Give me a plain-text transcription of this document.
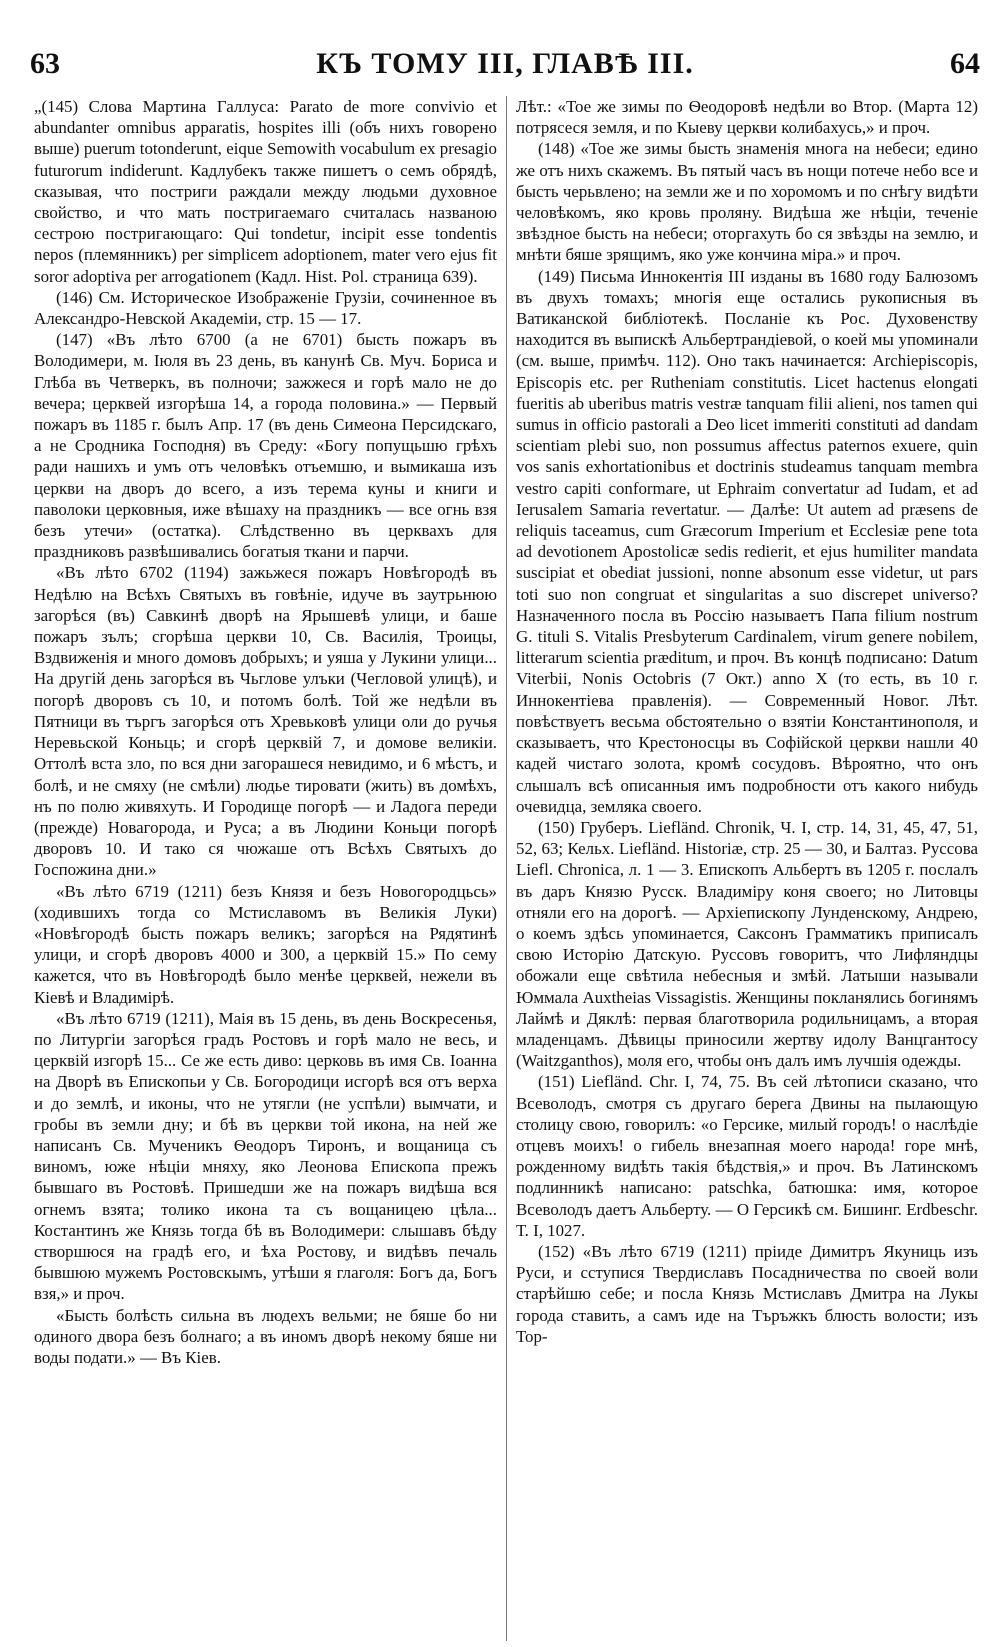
63	КЪ ТОМУ III, ГЛАВѢ III.	64

„(145) Слова Мартина Галлуса: Parato de more convivio et abundanter omnibus apparatis, hospites illi (объ нихъ говорено выше) puerum totonderunt, eique Semowith vocabulum ex presagio futurorum indiderunt. Кадлубекъ также пишетъ о семъ обрядѣ, сказывая, что постриги раждали между людьми духовное свойство, и что мать постригаемаго считалась названою сестрою постригающаго: Qui tondetur, incipit esse tondentis nepos (племянникъ) per simplicem adoptionem, mater vero ejus fit soror adoptiva per arrogationem (Кадл. Hist. Pol. страница 639).

(146) См. Историческое Изображенiе Грузiи, сочиненное въ Александро-Невской Академiи, стр. 15 — 17.

(147) «Въ лѣто 6700 (а не 6701) бысть пожаръ въ Володимери, м. Iюля въ 23 день, въ канунѣ Св. Муч. Бориса и Глѣба въ Четверкъ, въ полночи; зажжеся и горѣ мало не до вечера; церквей изгорѣша 14, а города половина.» — Первый пожаръ въ 1185 г. былъ Апр. 17 (въ день Симеона Персидскаго, а не Сродника Господня) въ Среду: «Богу попущьшю грѣхъ ради нашихъ и умъ отъ человѣкъ отъемшю, и вымикаша изъ церкви на дворъ до всего, а изъ терема куны и книги и паволоки церковныя, иже вѣшаху на праздникъ — все огнь взя безъ утечи» (остатка). Слѣдственно въ церквахъ для праздниковъ развѣшивались богатыя ткани и парчи.

«Въ лѣто 6702 (1194) зажьжеся пожаръ Новѣгородѣ въ Недѣлю на Всѣхъ Святыхъ въ говѣнiе, идуче въ заутрьнюю загорѣся (въ) Савкинѣ дворѣ на Ярышевѣ улици, и баше пожаръ зълъ; сгорѣша церкви 10, Св. Василiя, Троицы, Вздвиженiя и много домовъ добрыхъ; и уяша у Лукини улици... На другiй день загорѣся въ Чьглове улъки (Чегловой улицѣ), и погорѣ дворовъ съ 10, и потомъ болѣ. Той же недѣли въ Пятници въ търгъ загорѣся отъ Хревьковѣ улици оли до ручья Неревьской Коньць; и сгорѣ церквiй 7, и домове великiи. Оттолѣ вста зло, по вся дни загорашеся невидимо, и 6 мѣстъ, и болѣ, и не смяху (не смѣли) людье тировати (жить) въ домѣхъ, нъ по полю живяхуть. И Городище погорѣ — и Ладога переди (прежде) Новагорода, и Руса; а въ Людини Коньци погорѣ дворовъ 10. И тако ся чюжаше отъ Всѣхъ Святыхъ до Госпожина дни.»

«Въ лѣто 6719 (1211) безъ Князя и безъ Новогородцьсь» (ходившихъ тогда со Мстиславомъ въ Великiя Луки) «Новѣгородѣ бысть пожаръ великъ; загорѣся на Рядятинѣ улици, и сгорѣ дворовъ 4000 и 300, а церквiй 15.» По сему кажется, что въ Новѣгородѣ было менѣе церквей, нежели въ Кiевѣ и Владимiрѣ.

«Въ лѣто 6719 (1211), Маiя въ 15 день, въ день Воскресенья, по Литургiи загорѣся градъ Ростовъ и горѣ мало не весь, и церквiй изгорѣ 15... Се же есть диво: церковь въ имя Св. Iоанна на Дворѣ въ Епископьи у Св. Богородици исгорѣ вся отъ верха и до землѣ, и иконы, что не утягли (не успѣли) вымчати, и гробы въ земли дну; и бѣ въ церкви той икона, на ней же написанъ Св. Мученикъ Ѳеодоръ Тиронъ, и вощаница съ виномъ, юже нѣцiи мняху, яко Леонова Епископа прежъ бывшаго въ Ростовѣ. Пришедши же на пожаръ видѣша вся огнемъ взята; толико икона та съ вощаницею цѣла... Костантинъ же Князь тогда бѣ въ Володимери: слышавъ бѣду створшюся на градѣ его, и ѣха Ростову, и видѣвъ печаль бывшюю мужемъ Ростовскымъ, утѣши я глаголя: Богъ да, Богъ взя,» и проч.

«Бысть болѣсть сильна въ людехъ вельми; не бяше бо ни одиного двора безъ болнаго; а въ иномъ дворѣ некому бяше ни воды подати.» — Въ Кiев.

Лѣт.: «Тое же зимы по Ѳеодоровѣ недѣли во Втор. (Марта 12) потрясеся земля, и по Кыеву церкви колибахусь,» и проч.

(148) «Тое же зимы бысть знаменiя многа на небеси; едино же отъ нихъ скажемъ. Въ пятый часъ въ нощи потече небо все и бысть черьвлено; на земли же и по хоромомъ и по снѣгу видѣти человѣкомъ, яко кровь проляну. Видѣша же нѣцiи, теченiе звѣздное бысть на небеси; оторгахуть бо ся звѣзды на землю, и мнѣти бяше зрящимъ, яко уже кончина мiра.» и проч.

(149) Письма Иннокентiя III изданы въ 1680 году Балюзомъ въ двухъ томахъ; многiя еще остались рукописныя въ Ватиканской библiотекѣ. Посланiе къ Рос. Духовенству находится въ выпискѣ Альбертрандiевой, о коей мы упоминали (см. выше, примѣч. 112). Оно такъ начинается: Archiepiscopis, Episcopis etc. per Rutheniam constitutis. Licet hactenus elongati fueritis ab uberibus matris vestræ tanquam filii alieni, nos tamen qui sumus in officio pastorali a Deo licet immeriti constituti ad dandam scientiam plebi suo, non possumus affectus paternos exuere, quin vos sanis exhortationibus et doctrinis studeamus tanquam membra vestro capiti conformare, ut Ephraim convertatur ad Iudam, et ad Ierusalem Samaria revertatur. — Далѣе: Ut autem ad præsens de reliquis taceamus, cum Græcorum Imperium et Ecclesiæ pene tota ad devotionem Apostolicæ sedis redierit, et ejus humiliter mandata suscipiat et obediat jussioni, nonne absonum esse videtur, ut pars toti suo non congruat et singularitas a suo discrepet universo? Назначенного посла въ Россiю называетъ Папа filium nostrum G. tituli S. Vitalis Presbyterum Cardinalem, virum genere nobilem, litterarum scientia præditum, и проч. Въ концѣ подписано: Datum Viterbii, Nonis Octobris (7 Окт.) anno X (то есть, въ 10 г. Иннокентiева правленiя). — Современный Новог. Лѣт. повѣствуетъ весьма обстоятельно о взятiи Константинополя, и сказываетъ, что Крестоносцы въ Софiйской церкви нашли 40 кадей чистаго золота, кромѣ сосудовъ. Вѣроятно, что онъ слышалъ всѣ описанныя имъ подробности отъ какого нибудь очевидца, земляка своего.

(150) Груберъ. Liefländ. Chronik, Ч. I, стр. 14, 31, 45, 47, 51, 52, 63; Кельх. Liefländ. Historiæ, стр. 25 — 30, и Балтаз. Руссова Liefl. Chronica, л. 1 — 3. Епископъ Альбертъ въ 1205 г. послалъ въ даръ Князю Русск. Владимiру коня своего; но Литовцы отняли его на дорогѣ. — Архiепископу Лунденскому, Андрею, о коемъ здѣсь упоминается, Саксонъ Грамматикъ приписалъ свою Исторiю Датскую. Руссовъ говоритъ, что Лифляндцы обожали еще свѣтила небесныя и змѣй. Латыши называли Юммала Auxtheias Vissagistis. Женщины покланялись богинямъ Лаймѣ и Дяклѣ: первая благотворила родильницамъ, а вторая младенцамъ. Дѣвицы приносили жертву идолу Ванцгантосу (Waitzganthos), моля его, чтобы онъ далъ имъ лучшiя одежды.

(151) Liefländ. Chr. I, 74, 75. Въ сей лѣтописи сказано, что Всеволодъ, смотря съ другаго берега Двины на пылающую столицу свою, говорилъ: «о Герсике, милый городъ! о наслѣдiе отцевъ моихъ! о гибель внезапная моего народа! горе мнѣ, рожденному видѣть такiя бѣдствiя,» и проч. Въ Латинскомъ подлинникѣ написано: patschka, батюшка: имя, которое Всеволодъ даетъ Альберту. — О Герсикѣ см. Бишинг. Erdbeschr. Т. I, 1027.

(152) «Въ лѣто 6719 (1211) прiиде Димитръ Якуниць изъ Руси, и сступися Твердиславъ Посадничества по своей воли старѣйшю себе; и посла Князь Мстиславъ Дмитра на Лукы города ставить, а самъ иде на Търъжкъ блюсть волости; изъ Тор-
